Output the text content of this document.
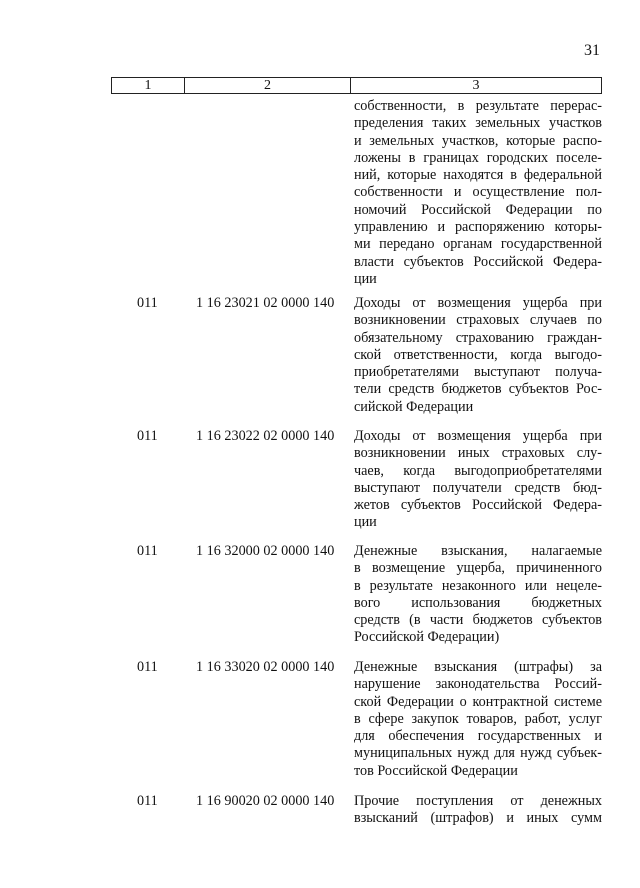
31
1	2	3
собственности, в результате перерас-
пределения таких земельных участков
и земельных участков, которые распо-
ложены в границах городских поселе-
ний, которые находятся в федеральной
собственности и осуществление пол-
номочий Российской Федерации по
управлению и распоряжению которы-
ми передано органам государственной
власти субъектов Российской Федера-
ции
011	1 16 23021 02 0000 140 Доходы от возмещения ущерба при
возникновении страховых случаев по
обязательному страхованию граждан-
ской ответственности, когда выгодо-
приобретателями выступают получа-
тели средств бюджетов субъектов Рос-
сийской Федерации
011	1 16 23022 02 0000 140 Доходы от возмещения ущерба при
возникновении иных страховых слу-
чаев, когда выгодоприобретателями
выступают получатели средств бюд-
жетов субъектов Российской Федера-
ции
011	1 16 32000 02 0000 140 Денежные взыскания, налагаемые
в возмещение ущерба, причиненного
в результате незаконного или нецеле-
вого использования бюджетных
средств (в части бюджетов субъектов
Российской Федерации)
011	1 16 33020 02 0000 140 Денежные взыскания (штрафы) за
нарушение законодательства Россий-
ской Федерации о контрактной системе
в сфере закупок товаров, работ, услуг
для обеспечения государственных и
муниципальных нужд для нужд субъек-
тов Российской Федерации
011	1 16 90020 02 0000 140 Прочие поступления от денежных
взысканий (штрафов) и иных сумм
